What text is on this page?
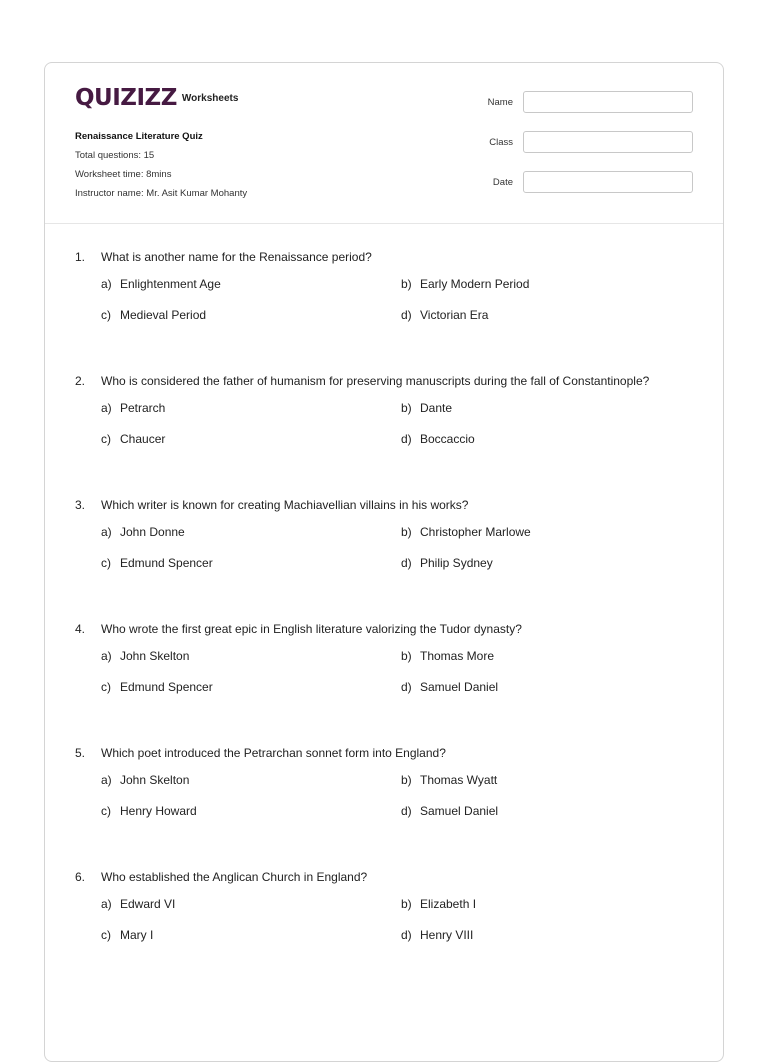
QUIZIZZ Worksheets
Renaissance Literature Quiz
Total questions: 15
Worksheet time: 8mins
Instructor name: Mr. Asit Kumar Mohanty
Name
Class
Date
1.	What is another name for the Renaissance period?
a) Enlightenment Age	b) Early Modern Period
c) Medieval Period	d) Victorian Era
2.	Who is considered the father of humanism for preserving manuscripts during the fall of Constantinople?
a) Petrarch	b) Dante
c) Chaucer	d) Boccaccio
3.	Which writer is known for creating Machiavellian villains in his works?
a) John Donne	b) Christopher Marlowe
c) Edmund Spencer	d) Philip Sydney
4.	Who wrote the first great epic in English literature valorizing the Tudor dynasty?
a) John Skelton	b) Thomas More
c) Edmund Spencer	d) Samuel Daniel
5.	Which poet introduced the Petrarchan sonnet form into England?
a) John Skelton	b) Thomas Wyatt
c) Henry Howard	d) Samuel Daniel
6.	Who established the Anglican Church in England?
a) Edward VI	b) Elizabeth I
c) Mary I	d) Henry VIII
